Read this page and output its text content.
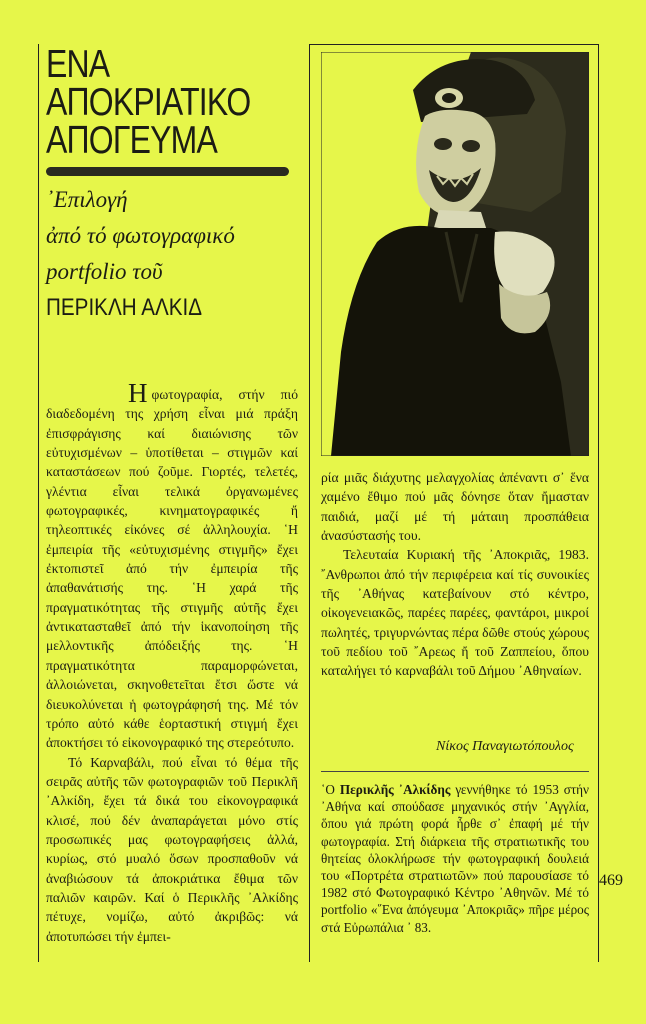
ΕΝΑ
ΑΠΟΚΡΙΑΤΙΚΟ
ΑΠΟΓΕΥΜΑ
᾿Επιλογή
ἀπό τό φωτογραφικό
portfolio τοῦ
ΠΕΡΙΚΛΗ ΑΛΚΙΔ

Ηφωτογραφία, στήν πιό διαδεδομένη της χρήση εἶναι μιά πράξη ἐπισφράγισης καί διαιώνισης τῶν εὐτυχισμένων – ὑποτίθεται – στιγμῶν καί καταστάσεων πού ζοῦμε. Γιορτές, τελετές, γλέντια εἶναι τελικά ὀργανωμένες φωτογραφικές, κινηματογραφικές ἤ τηλεοπτικές εἰκόνες σέ ἀλληλουχία. ῾Η ἐμπειρία τῆς «εὐτυχισμένης στιγμῆς» ἔχει ἐκτοπιστεῖ ἀπό τήν ἐμπειρία τῆς ἀπαθανάτισής της. ῾Η χαρά τῆς πραγματικότητας τῆς στιγμῆς αὐτῆς ἔχει ἀντικατασταθεῖ ἀπό τήν ἱκανοποίηση τῆς μελλοντικῆς ἀπόδειξής της. ῾Η πραγματικότητα παραμορφώνεται, ἀλλοιώνεται, σκηνοθετεῖται ἔτσι ὥστε νά διευκολύνεται ἡ φωτογράφησή της. Μέ τόν τρόπο αὐτό κάθε ἑορταστική στιγμή ἔχει ἀποκτήσει τό εἰκονογραφικό της στερεότυπο.

Τό Καρναβάλι, πού εἶναι τό θέμα τῆς σειρᾶς αὐτῆς τῶν φωτογραφιῶν τοῦ Περικλῆ ᾿Αλκίδη, ἔχει τά δικά του εἰκονογραφικά κλισέ, πού δέν ἀναπαράγεται μόνο στίς προσωπικές μας φωτογραφήσεις ἀλλά, κυρίως, στό μυαλό ὅσων προσπαθοῦν νά ἀναβιώσουν τά ἀποκριάτικα ἔθιμα τῶν παλιῶν καιρῶν. Καί ὁ Περικλῆς ᾿Αλκίδης πέτυχε, νομίζω, αὐτό ἀκριβῶς: νά ἀποτυπώσει τήν ἐμπει-

ρία μιᾶς διάχυτης μελαγχολίας ἀπέναντι σ᾿ ἕνα χαμένο ἔθιμο πού μᾶς δόνησε ὅταν ἤμασταν παιδιά, μαζί μέ τή μάταιη προσπάθεια ἀνασύστασής του.

Τελευταία Κυριακή τῆς ᾿Αποκριᾶς, 1983. ῎Ανθρωποι ἀπό τήν περιφέρεια καί τίς συνοικίες τῆς ᾿Αθήνας κατεβαίνουν στό κέντρο, οἰκογενειακῶς, παρέες παρέες, φαντάροι, μικροί πωλητές, τριγυρνώντας πέρα δῶθε στούς χώρους τοῦ πεδίου τοῦ ῎Αρεως ἤ τοῦ Ζαππείου, ὅπου καταλήγει τό καρναβάλι τοῦ Δήμου ᾿Αθηναίων.

Νίκος Παναγιωτόπουλος
῾Ο Περικλῆς ᾿Αλκίδης γεννήθηκε τό 1953 στήν ᾿Αθήνα καί σπούδασε μηχανικός στήν ᾿Αγγλία, ὅπου γιά πρώτη φορά ἦρθε σ᾿ ἐπαφή μέ τήν φωτογραφία. Στή διάρκεια τῆς στρατιωτικῆς του θητείας ὁλοκλήρωσε τήν φωτογραφική δουλειά του «Πορτρέτα στρατιωτῶν» πού παρουσίασε τό 1982 στό Φωτογραφικό Κέντρο ᾿Αθηνῶν. Μέ τό portfolio «῞Ενα ἀπόγευμα ᾿Αποκριᾶς» πῆρε μέρος στά Εὐρωπάλια ᾿ 83.
469
